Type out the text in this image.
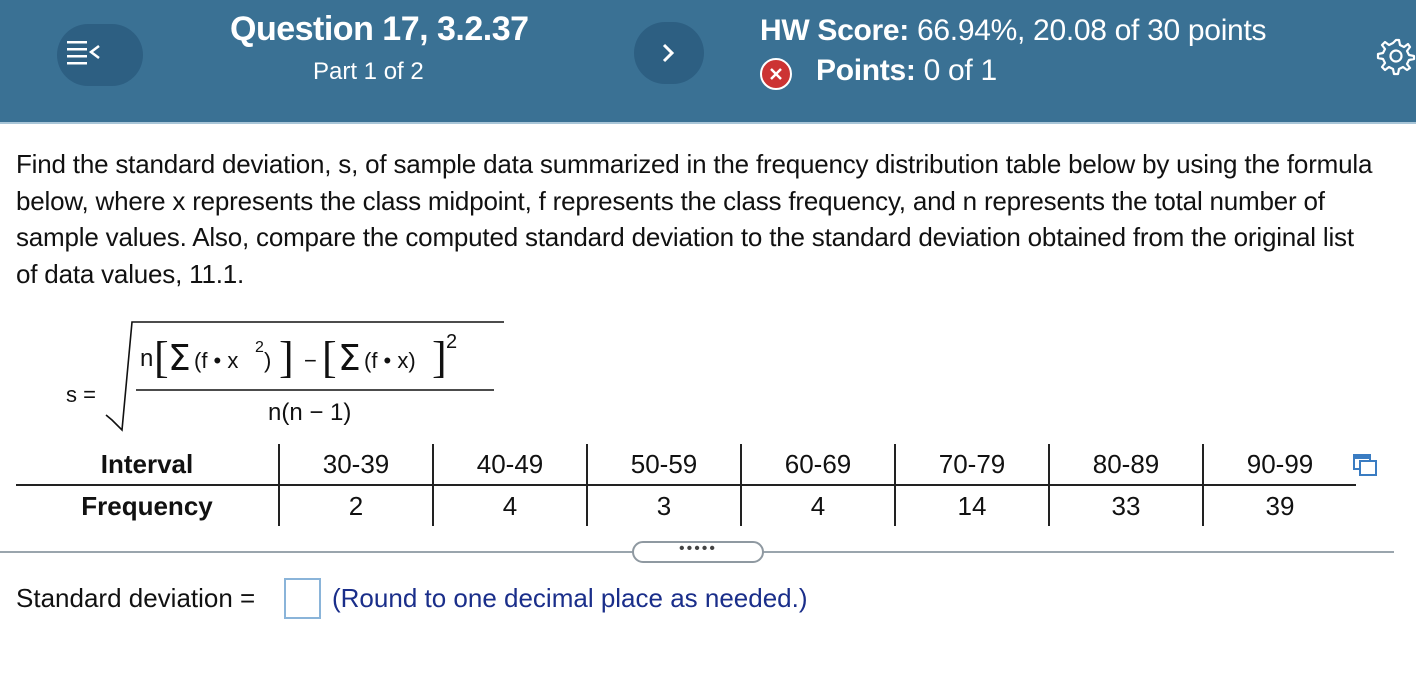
Question 17, 3.2.37
Part 1 of 2
HW Score: 66.94%, 20.08 of 30 points
Points: 0 of 1
Find the standard deviation, s, of sample data summarized in the frequency distribution table below by using the formula below, where x represents the class midpoint, f represents the class frequency, and n represents the total number of sample values. Also, compare the computed standard deviation to the standard deviation obtained from the original list of data values, 11.1.
s =
n [ Σ (f • x
2
) ] − [ Σ (f • x) ] 2
n(n − 1)
Interval	30-39	40-49	50-59	60-69	70-79	80-89	90-99
Frequency	2	4	3	4	14	33	39
•••••
Standard deviation =	(Round to one decimal place as needed.)
